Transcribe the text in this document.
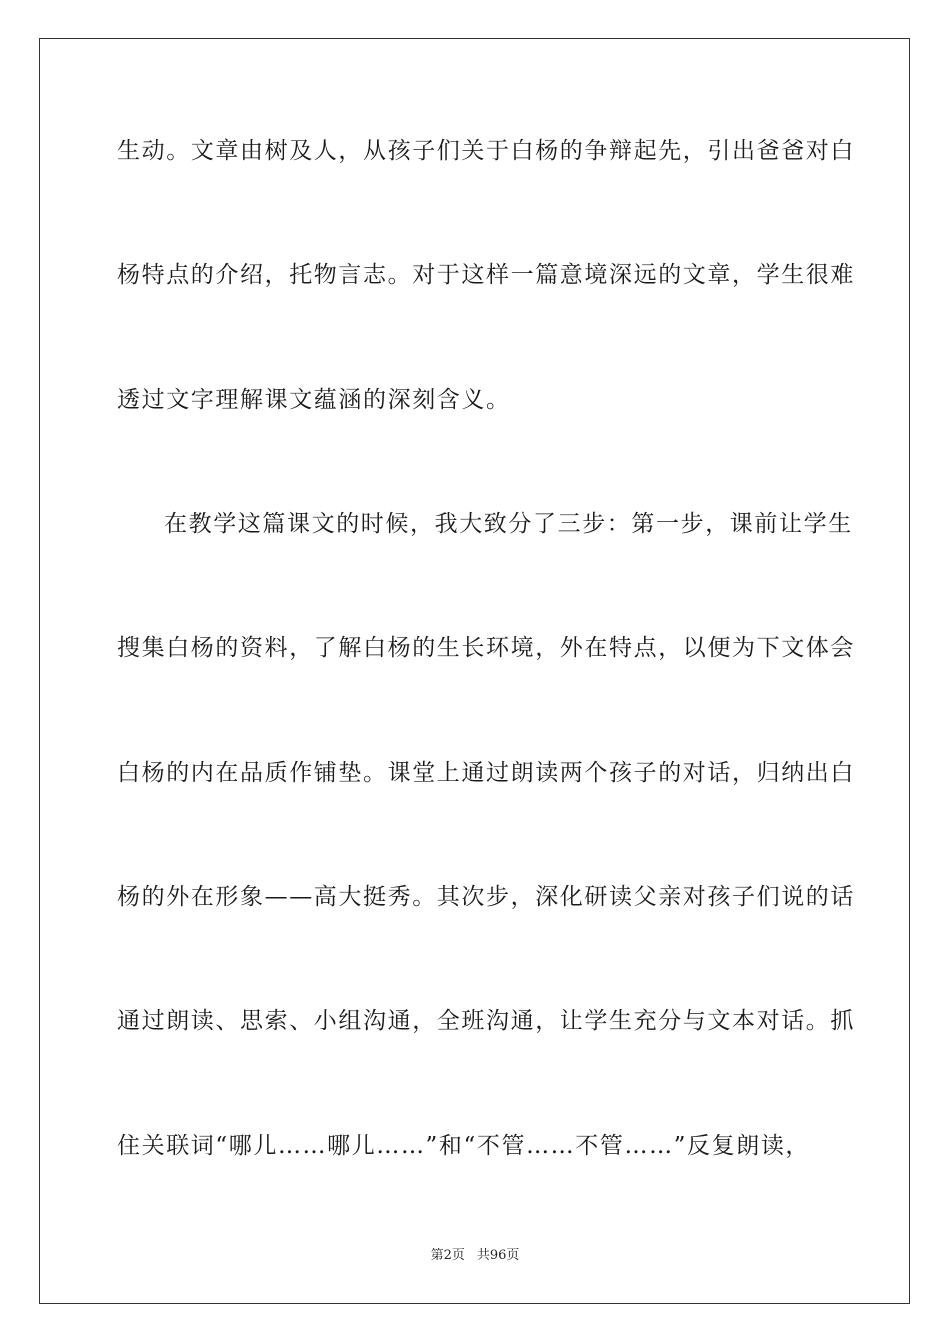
生动。文章由树及人，从孩子们关于白杨的争辩起先，引出爸爸对白
杨特点的介绍，托物言志。对于这样一篇意境深远的文章，学生很难
透过文字理解课文蕴涵的深刻含义。
在教学这篇课文的时候，我大致分了三步：第一步，课前让学生
搜集白杨的资料，了解白杨的生长环境，外在特点，以便为下文体会
白杨的内在品质作铺垫。课堂上通过朗读两个孩子的对话，归纳出白
杨的外在形象——高大挺秀。其次步，深化研读父亲对孩子们说的话
通过朗读、思索、小组沟通，全班沟通，让学生充分与文本对话。抓
住关联词“哪儿……哪儿……”和“不管……不管……”反复朗读，
第2页 共96页
